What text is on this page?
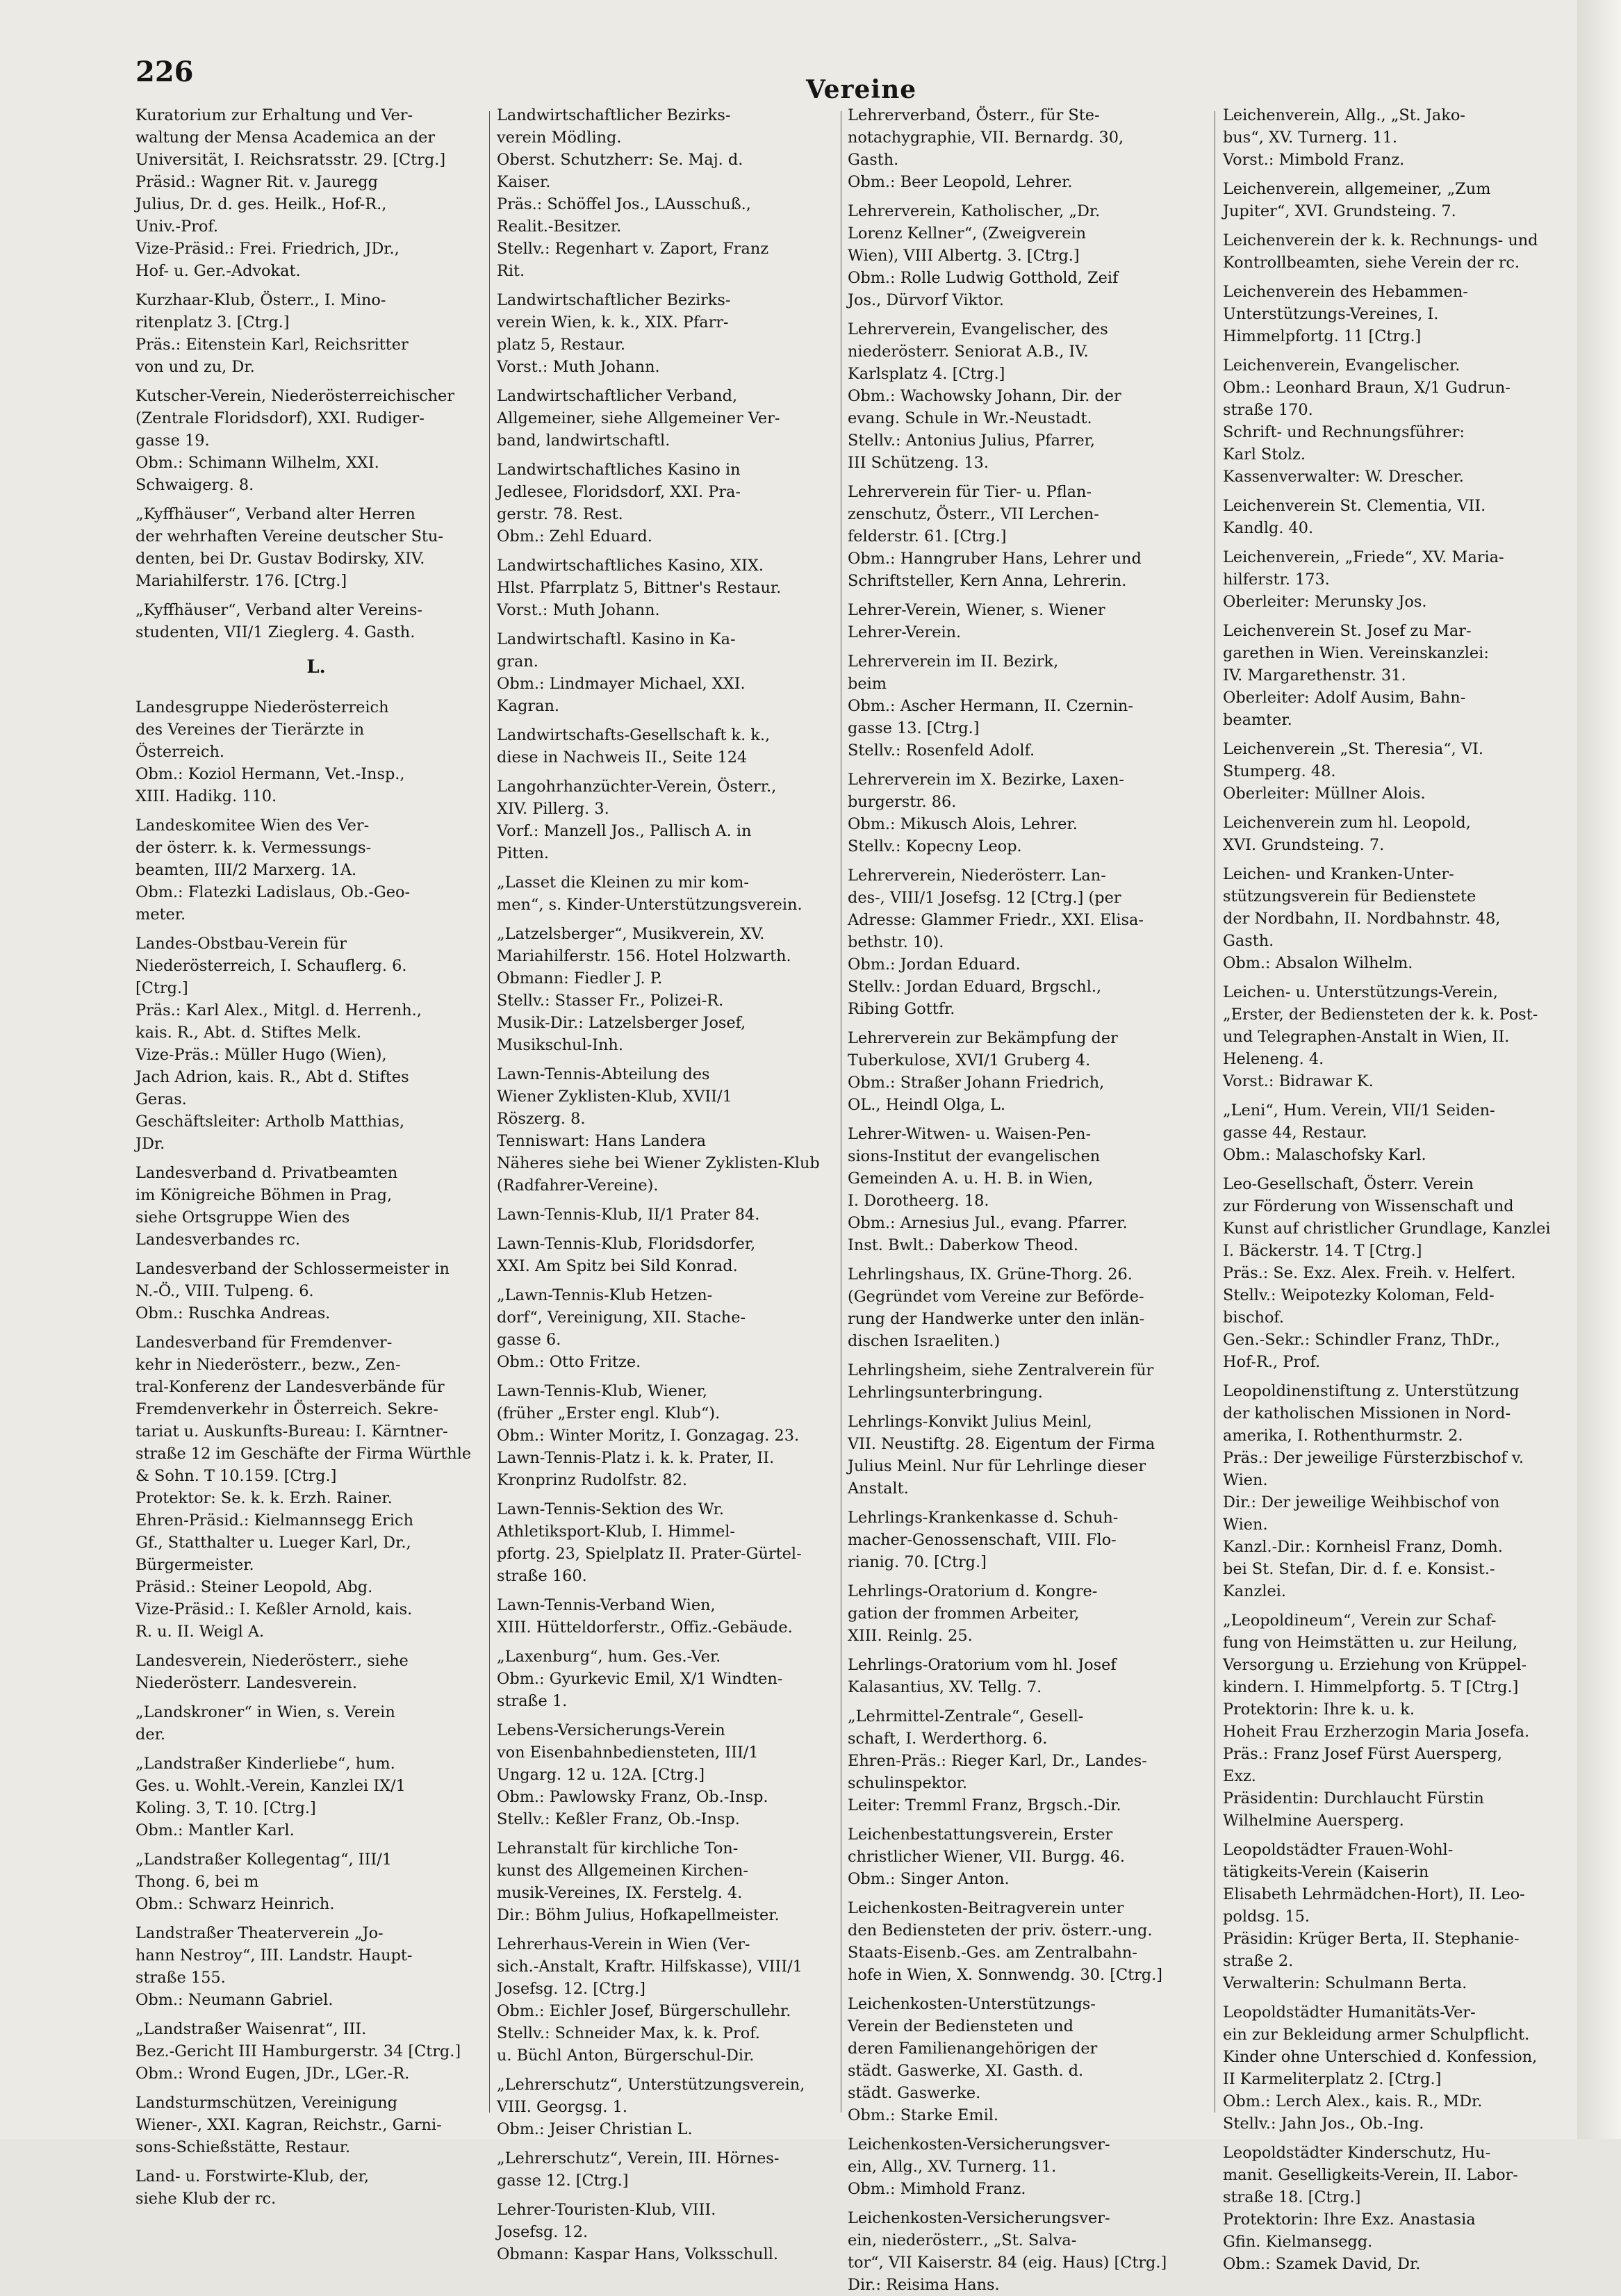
226
Vereine
Kuratorium zur Erhaltung und Ver-
waltung der Mensa Academica an der
Universität, I. Reichsratsstr. 29. [Ctrg.]
Präsid.: Wagner Rit. v. Jauregg
Julius, Dr. d. ges. Heilk., Hof-R.,
Univ.-Prof.
Vize-Präsid.: Frei. Friedrich, JDr.,
Hof- u. Ger.-Advokat.
Kurzhaar-Klub, Österr., I. Mino-
ritenplatz 3. [Ctrg.]
Präs.: Eitenstein Karl, Reichsritter
von und zu, Dr.
Kutscher-Verein, Niederösterreichischer
(Zentrale Floridsdorf), XXI. Rudiger-
gasse 19.
Obm.: Schimann Wilhelm, XXI.
Schwaigerg. 8.
„Kyffhäuser“, Verband alter Herren
der wehrhaften Vereine deutscher Stu-
denten, bei Dr. Gustav Bodirsky, XIV.
Mariahilferstr. 176. [Ctrg.]
„Kyffhäuser“, Verband alter Vereins-
studenten, VII/1 Zieglerg. 4. Gasth.
L.
Landesgruppe Niederösterreich
des Vereines der Tierärzte in
Österreich.
Obm.: Koziol Hermann, Vet.-Insp.,
XIII. Hadikg. 110.
Landeskomitee Wien des Ver-
der österr. k. k. Vermessungs-
beamten, III/2 Marxerg. 1A.
Obm.: Flatezki Ladislaus, Ob.-Geo-
meter.
Landes-Obstbau-Verein für
Niederösterreich, I. Schauflerg. 6.
[Ctrg.]
Präs.: Karl Alex., Mitgl. d. Herrenh.,
kais. R., Abt. d. Stiftes Melk.
Vize-Präs.: Müller Hugo (Wien),
Jach Adrion, kais. R., Abt d. Stiftes
Geras.
Geschäftsleiter: Artholb Matthias,
JDr.
Landesverband d. Privatbeamten
im Königreiche Böhmen in Prag,
siehe Ortsgruppe Wien des
Landesverbandes rc.
Landesverband der Schlossermeister in
N.-Ö., VIII. Tulpeng. 6.
Obm.: Ruschka Andreas.
Landesverband für Fremdenver-
kehr in Niederösterr., bezw., Zen-
tral-Konferenz der Landesverbände für
Fremdenverkehr in Österreich. Sekre-
tariat u. Auskunfts-Bureau: I. Kärntner-
straße 12 im Geschäfte der Firma Würthle
& Sohn. T 10.159. [Ctrg.]
Protektor: Se. k. k. Erzh. Rainer.
Ehren-Präsid.: Kielmannsegg Erich
Gf., Statthalter u. Lueger Karl, Dr.,
Bürgermeister.
Präsid.: Steiner Leopold, Abg.
Vize-Präsid.: I. Keßler Arnold, kais.
R. u. II. Weigl A.
Landesverein, Niederösterr., siehe
Niederösterr. Landesverein.
„Landskroner“ in Wien, s. Verein
der.
„Landstraßer Kinderliebe“, hum.
Ges. u. Wohlt.-Verein, Kanzlei IX/1
Koling. 3, T. 10. [Ctrg.]
Obm.: Mantler Karl.
„Landstraßer Kollegentag“, III/1
Thong. 6, bei m
Obm.: Schwarz Heinrich.
Landstraßer Theaterverein „Jo-
hann Nestroy“, III. Landstr. Haupt-
straße 155.
Obm.: Neumann Gabriel.
„Landstraßer Waisenrat“, III.
Bez.-Gericht III Hamburgerstr. 34 [Ctrg.]
Obm.: Wrond Eugen, JDr., LGer.-R.
Landsturmschützen, Vereinigung
Wiener-, XXI. Kagran, Reichstr., Garni-
sons-Schießstätte, Restaur.
Land- u. Forstwirte-Klub, der,
siehe Klub der rc.
Landwirtschaftlicher Bezirks-
verein Mödling.
Oberst. Schutzherr: Se. Maj. d.
Kaiser.
Präs.: Schöffel Jos., LAusschuß.,
Realit.-Besitzer.
Stellv.: Regenhart v. Zaport, Franz
Rit.
Landwirtschaftlicher Bezirks-
verein Wien, k. k., XIX. Pfarr-
platz 5, Restaur.
Vorst.: Muth Johann.
Landwirtschaftlicher Verband,
Allgemeiner, siehe Allgemeiner Ver-
band, landwirtschaftl.
Landwirtschaftliches Kasino in
Jedlesee, Floridsdorf, XXI. Pra-
gerstr. 78. Rest.
Obm.: Zehl Eduard.
Landwirtschaftliches Kasino, XIX.
Hlst. Pfarrplatz 5, Bittner's Restaur.
Vorst.: Muth Johann.
Landwirtschaftl. Kasino in Ka-
gran.
Obm.: Lindmayer Michael, XXI.
Kagran.
Landwirtschafts-Gesellschaft k. k.,
diese in Nachweis II., Seite 124
Langohrhanzüchter-Verein, Österr.,
XIV. Pillerg. 3.
Vorf.: Manzell Jos., Pallisch A. in
Pitten.
„Lasset die Kleinen zu mir kom-
men“, s. Kinder-Unterstützungsverein.
„Latzelsberger“, Musikverein, XV.
Mariahilferstr. 156. Hotel Holzwarth.
Obmann: Fiedler J. P.
Stellv.: Stasser Fr., Polizei-R.
Musik-Dir.: Latzelsberger Josef,
Musikschul-Inh.
Lawn-Tennis-Abteilung des
Wiener Zyklisten-Klub, XVII/1
Röszerg. 8.
Tenniswart: Hans Landera
Näheres siehe bei Wiener Zyklisten-Klub
(Radfahrer-Vereine).
Lawn-Tennis-Klub, II/1 Prater 84.
Lawn-Tennis-Klub, Floridsdorfer,
XXI. Am Spitz bei Sild Konrad.
„Lawn-Tennis-Klub Hetzen-
dorf“, Vereinigung, XII. Stache-
gasse 6.
Obm.: Otto Fritze.
Lawn-Tennis-Klub, Wiener,
(früher „Erster engl. Klub“).
Obm.: Winter Moritz, I. Gonzagag. 23.
Lawn-Tennis-Platz i. k. k. Prater, II.
Kronprinz Rudolfstr. 82.
Lawn-Tennis-Sektion des Wr.
Athletiksport-Klub, I. Himmel-
pfortg. 23, Spielplatz II. Prater-Gürtel-
straße 160.
Lawn-Tennis-Verband Wien,
XIII. Hütteldorferstr., Offiz.-Gebäude.
„Laxenburg“, hum. Ges.-Ver.
Obm.: Gyurkevic Emil, X/1 Windten-
straße 1.
Lebens-Versicherungs-Verein
von Eisenbahnbediensteten, III/1
Ungarg. 12 u. 12A. [Ctrg.]
Obm.: Pawlowsky Franz, Ob.-Insp.
Stellv.: Keßler Franz, Ob.-Insp.
Lehranstalt für kirchliche Ton-
kunst des Allgemeinen Kirchen-
musik-Vereines, IX. Ferstelg. 4.
Dir.: Böhm Julius, Hofkapellmeister.
Lehrerhaus-Verein in Wien (Ver-
sich.-Anstalt, Kraftr. Hilfskasse), VIII/1
Josefsg. 12. [Ctrg.]
Obm.: Eichler Josef, Bürgerschullehr.
Stellv.: Schneider Max, k. k. Prof.
u. Büchl Anton, Bürgerschul-Dir.
„Lehrerschutz“, Unterstützungsverein,
VIII. Georgsg. 1.
Obm.: Jeiser Christian L.
„Lehrerschutz“, Verein, III. Hörnes-
gasse 12. [Ctrg.]
Lehrer-Touristen-Klub, VIII.
Josefsg. 12.
Obmann: Kaspar Hans, Volksschull.
Lehrerverband, Österr., für Ste-
notachygraphie, VII. Bernardg. 30,
Gasth.
Obm.: Beer Leopold, Lehrer.
Lehrerverein, Katholischer, „Dr.
Lorenz Kellner“, (Zweigverein
Wien), VIII Albertg. 3. [Ctrg.]
Obm.: Rolle Ludwig Gotthold, Zeif
Jos., Dürvorf Viktor.
Lehrerverein, Evangelischer, des
niederösterr. Seniorat A.B., IV.
Karlsplatz 4. [Ctrg.]
Obm.: Wachowsky Johann, Dir. der
evang. Schule in Wr.-Neustadt.
Stellv.: Antonius Julius, Pfarrer,
III Schützeng. 13.
Lehrerverein für Tier- u. Pflan-
zenschutz, Österr., VII Lerchen-
felderstr. 61. [Ctrg.]
Obm.: Hanngruber Hans, Lehrer und
Schriftsteller, Kern Anna, Lehrerin.
Lehrer-Verein, Wiener, s. Wiener
Lehrer-Verein.
Lehrerverein im II. Bezirk,
beim
Obm.: Ascher Hermann, II. Czernin-
gasse 13. [Ctrg.]
Stellv.: Rosenfeld Adolf.
Lehrerverein im X. Bezirke, Laxen-
burgerstr. 86.
Obm.: Mikusch Alois, Lehrer.
Stellv.: Kopecny Leop.
Lehrerverein, Niederösterr. Lan-
des-, VIII/1 Josefsg. 12 [Ctrg.] (per
Adresse: Glammer Friedr., XXI. Elisa-
bethstr. 10).
Obm.: Jordan Eduard.
Stellv.: Jordan Eduard, Brgschl.,
Ribing Gottfr.
Lehrerverein zur Bekämpfung der
Tuberkulose, XVI/1 Gruberg 4.
Obm.: Straßer Johann Friedrich,
OL., Heindl Olga, L.
Lehrer-Witwen- u. Waisen-Pen-
sions-Institut der evangelischen
Gemeinden A. u. H. B. in Wien,
I. Dorotheerg. 18.
Obm.: Arnesius Jul., evang. Pfarrer.
Inst. Bwlt.: Daberkow Theod.
Lehrlingshaus, IX. Grüne-Thorg. 26.
(Gegründet vom Vereine zur Beförde-
rung der Handwerke unter den inlän-
dischen Israeliten.)
Lehrlingsheim, siehe Zentralverein für
Lehrlingsunterbringung.
Lehrlings-Konvikt Julius Meinl,
VII. Neustiftg. 28. Eigentum der Firma
Julius Meinl. Nur für Lehrlinge dieser
Anstalt.
Lehrlings-Krankenkasse d. Schuh-
macher-Genossenschaft, VIII. Flo-
rianig. 70. [Ctrg.]
Lehrlings-Oratorium d. Kongre-
gation der frommen Arbeiter,
XIII. Reinlg. 25.
Lehrlings-Oratorium vom hl. Josef
Kalasantius, XV. Tellg. 7.
„Lehrmittel-Zentrale“, Gesell-
schaft, I. Werderthorg. 6.
Ehren-Präs.: Rieger Karl, Dr., Landes-
schulinspektor.
Leiter: Tremml Franz, Brgsch.-Dir.
Leichenbestattungsverein, Erster
christlicher Wiener, VII. Burgg. 46.
Obm.: Singer Anton.
Leichenkosten-Beitragverein unter
den Bediensteten der priv. österr.-ung.
Staats-Eisenb.-Ges. am Zentralbahn-
hofe in Wien, X. Sonnwendg. 30. [Ctrg.]
Leichenkosten-Unterstützungs-
Verein der Bediensteten und
deren Familienangehörigen der
städt. Gaswerke, XI. Gasth. d.
städt. Gaswerke.
Obm.: Starke Emil.
Leichenkosten-Versicherungsver-
ein, Allg., XV. Turnerg. 11.
Obm.: Mimhold Franz.
Leichenkosten-Versicherungsver-
ein, niederösterr., „St. Salva-
tor“, VII Kaiserstr. 84 (eig. Haus) [Ctrg.]
Dir.: Reisima Hans.
Leichenverein, Allg., „St. Jako-
bus“, XV. Turnerg. 11.
Vorst.: Mimbold Franz.
Leichenverein, allgemeiner, „Zum
Jupiter“, XVI. Grundsteing. 7.
Leichenverein der k. k. Rechnungs- und
Kontrollbeamten, siehe Verein der rc.
Leichenverein des Hebammen-
Unterstützungs-Vereines, I.
Himmelpfortg. 11 [Ctrg.]
Leichenverein, Evangelischer.
Obm.: Leonhard Braun, X/1 Gudrun-
straße 170.
Schrift- und Rechnungsführer:
Karl Stolz.
Kassenverwalter: W. Drescher.
Leichenverein St. Clementia, VII.
Kandlg. 40.
Leichenverein, „Friede“, XV. Maria-
hilferstr. 173.
Oberleiter: Merunsky Jos.
Leichenverein St. Josef zu Mar-
garethen in Wien. Vereinskanzlei:
IV. Margarethenstr. 31.
Oberleiter: Adolf Ausim, Bahn-
beamter.
Leichenverein „St. Theresia“, VI.
Stumperg. 48.
Oberleiter: Müllner Alois.
Leichenverein zum hl. Leopold,
XVI. Grundsteing. 7.
Leichen- und Kranken-Unter-
stützungsverein für Bedienstete
der Nordbahn, II. Nordbahnstr. 48,
Gasth.
Obm.: Absalon Wilhelm.
Leichen- u. Unterstützungs-Verein,
„Erster, der Bediensteten der k. k. Post-
und Telegraphen-Anstalt in Wien, II.
Heleneng. 4.
Vorst.: Bidrawar K.
„Leni“, Hum. Verein, VII/1 Seiden-
gasse 44, Restaur.
Obm.: Malaschofsky Karl.
Leo-Gesellschaft, Österr. Verein
zur Förderung von Wissenschaft und
Kunst auf christlicher Grundlage, Kanzlei
I. Bäckerstr. 14. T [Ctrg.]
Präs.: Se. Exz. Alex. Freih. v. Helfert.
Stellv.: Weipotezky Koloman, Feld-
bischof.
Gen.-Sekr.: Schindler Franz, ThDr.,
Hof-R., Prof.
Leopoldinenstiftung z. Unterstützung
der katholischen Missionen in Nord-
amerika, I. Rothenthurmstr. 2.
Präs.: Der jeweilige Fürsterzbischof v.
Wien.
Dir.: Der jeweilige Weihbischof von
Wien.
Kanzl.-Dir.: Kornheisl Franz, Domh.
bei St. Stefan, Dir. d. f. e. Konsist.-
Kanzlei.
„Leopoldineum“, Verein zur Schaf-
fung von Heimstätten u. zur Heilung,
Versorgung u. Erziehung von Krüppel-
kindern. I. Himmelpfortg. 5. T [Ctrg.]
Protektorin: Ihre k. u. k.
Hoheit Frau Erzherzogin Maria Josefa.
Präs.: Franz Josef Fürst Auersperg,
Exz.
Präsidentin: Durchlaucht Fürstin
Wilhelmine Auersperg.
Leopoldstädter Frauen-Wohl-
tätigkeits-Verein (Kaiserin
Elisabeth Lehrmädchen-Hort), II. Leo-
poldsg. 15.
Präsidin: Krüger Berta, II. Stephanie-
straße 2.
Verwalterin: Schulmann Berta.
Leopoldstädter Humanitäts-Ver-
ein zur Bekleidung armer Schulpflicht.
Kinder ohne Unterschied d. Konfession,
II Karmeliterplatz 2. [Ctrg.]
Obm.: Lerch Alex., kais. R., MDr.
Stellv.: Jahn Jos., Ob.-Ing.
Leopoldstädter Kinderschutz, Hu-
manit. Geselligkeits-Verein, II. Labor-
straße 18. [Ctrg.]
Protektorin: Ihre Exz. Anastasia
Gfin. Kielmansegg.
Obm.: Szamek David, Dr.
